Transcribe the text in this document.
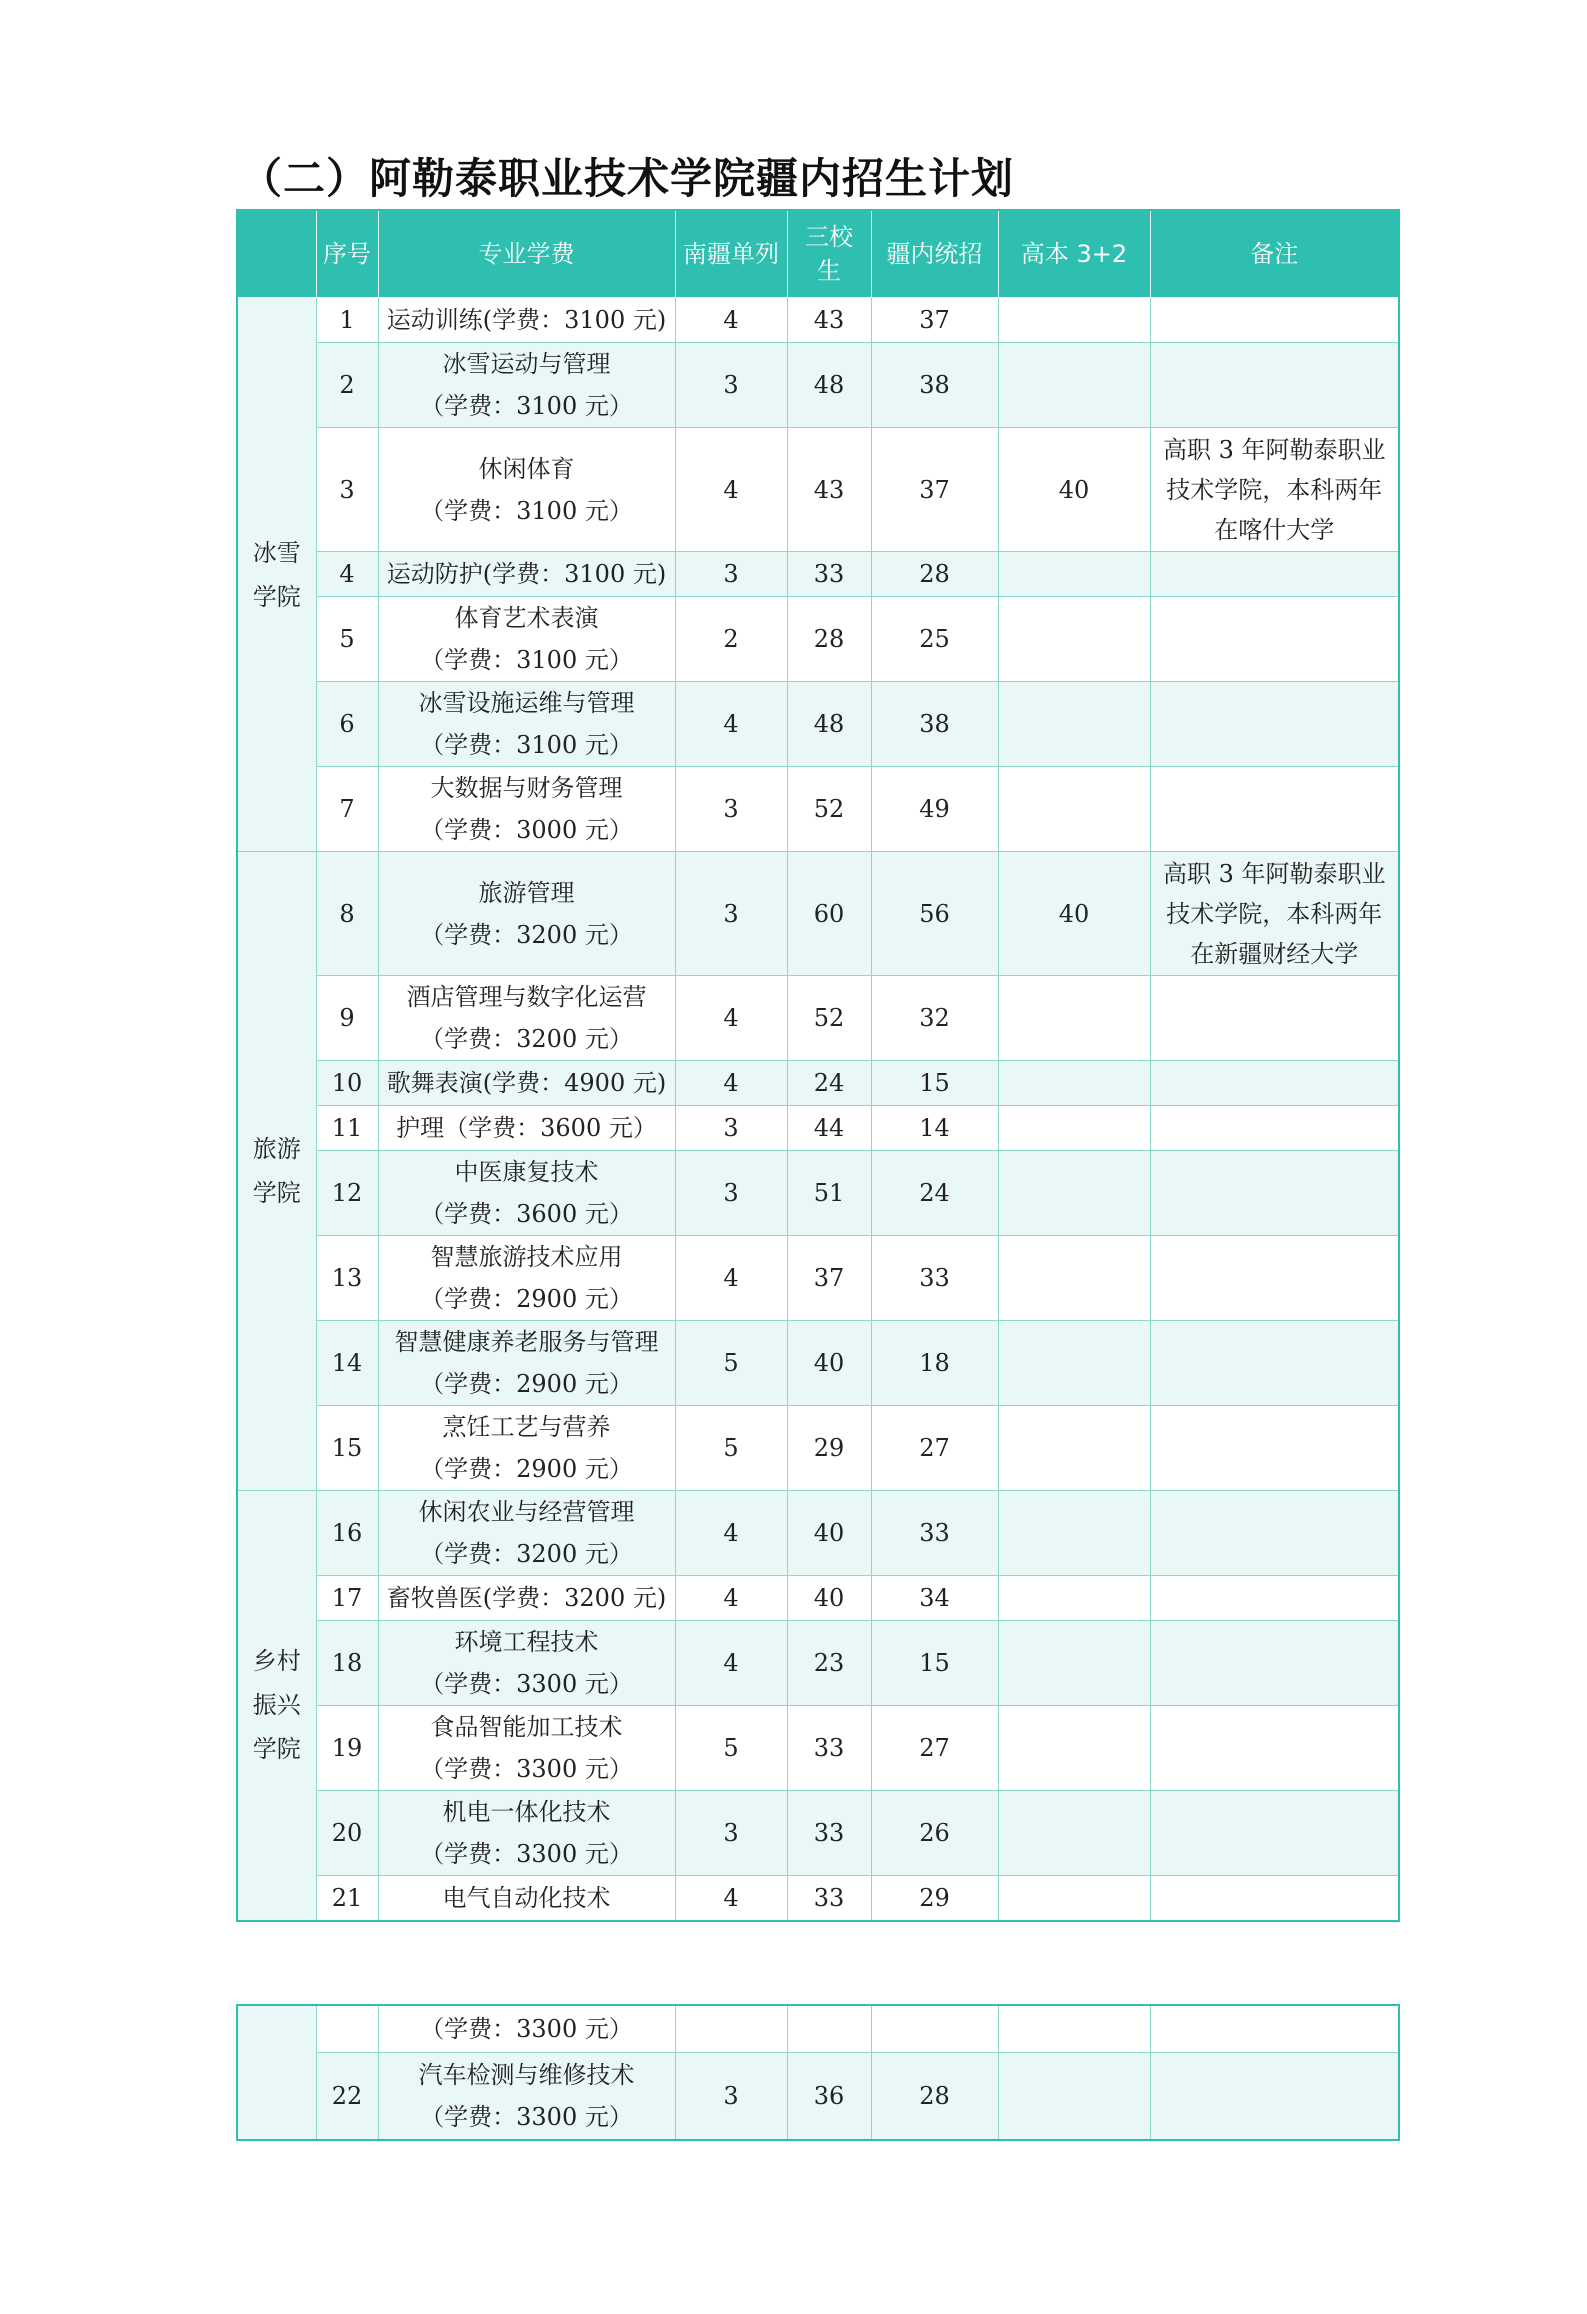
（二）阿勒泰职业技术学院疆内招生计划
	序号	专业学费	南疆单列	三校
生	疆内统招	高本 3+2	备注
冰雪
学院	1	运动训练(学费：3100 元)	4	43	37		
	2	冰雪运动与管理
（学费：3100 元）	3	48	38		
	3	休闲体育
（学费：3100 元）	4	43	37	40	高职 3 年阿勒泰职业
技术学院，本科两年
在喀什大学
	4	运动防护(学费：3100 元)	3	33	28		
	5	体育艺术表演
（学费：3100 元）	2	28	25		
	6	冰雪设施运维与管理
（学费：3100 元）	4	48	38		
	7	大数据与财务管理
（学费：3000 元）	3	52	49		
旅游
学院	8	旅游管理
（学费：3200 元）	3	60	56	40	高职 3 年阿勒泰职业
技术学院，本科两年
在新疆财经大学
	9	酒店管理与数字化运营
（学费：3200 元）	4	52	32		
	10	歌舞表演(学费：4900 元)	4	24	15		
	11	护理（学费：3600 元）	3	44	14		
	12	中医康复技术
（学费：3600 元）	3	51	24		
	13	智慧旅游技术应用
（学费：2900 元）	4	37	33		
	14	智慧健康养老服务与管理
（学费：2900 元）	5	40	18		
	15	烹饪工艺与营养
（学费：2900 元）	5	29	27		
乡村
振兴
学院	16	休闲农业与经营管理
（学费：3200 元）	4	40	33		
	17	畜牧兽医(学费：3200 元)	4	40	34		
	18	环境工程技术
（学费：3300 元）	4	23	15		
	19	食品智能加工技术
（学费：3300 元）	5	33	27		
	20	机电一体化技术
（学费：3300 元）	3	33	26		
	21	电气自动化技术	4	33	29		
		（学费：3300 元）					
	22	汽车检测与维修技术
（学费：3300 元）	3	36	28		
